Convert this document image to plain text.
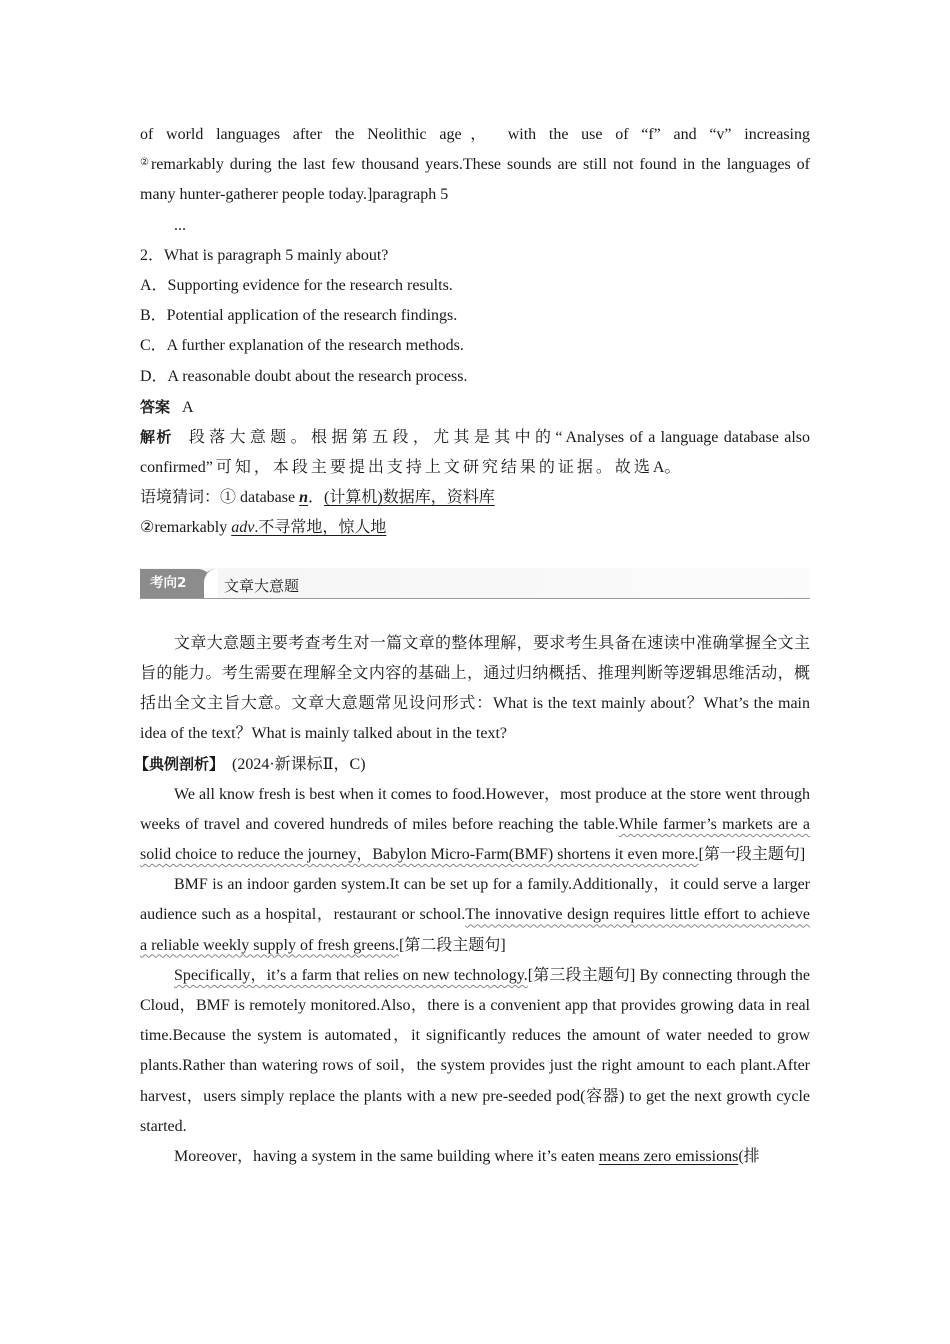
of world languages after the Neolithic age， with the use of “f” and “v” increasing

②remarkably during the last few thousand years.These sounds are still not found in the languages of

many hunter-gatherer people today.]paragraph 5

...

2．What is paragraph 5 mainly about?

A．Supporting evidence for the research results.

B．Potential application of the research findings.

C．A further explanation of the research methods.

D．A reasonable doubt about the research process.

答案 A

解析 段落大意题。根据第五段，尤其是其中的“Analyses of a language database also confirmed”可知，本段主要提出支持上文研究结果的证据。故选A。

语境猜词：① database n．(计算机)数据库，资料库

②remarkably adv.不寻常地，惊人地

考向2	文章大意题

文章大意题主要考查考生对一篇文章的整体理解，要求考生具备在速读中准确掌握全文主旨的能力。考生需要在理解全文内容的基础上，通过归纳概括、推理判断等逻辑思维活动，概括出全文主旨大意。文章大意题常见设问形式：What is the text mainly about？What’s the main idea of the text？What is mainly talked about in the text?

【典例剖析】 (2024·新课标Ⅱ，C)

We all know fresh is best when it comes to food.However，most produce at the store went through weeks of travel and covered hundreds of miles before reaching the table.While farmer’s markets are a solid choice to reduce the journey，Babylon Micro-Farm(BMF) shortens it even more.[第一段主题句]

BMF is an indoor garden system.It can be set up for a family.Additionally，it could serve a larger audience such as a hospital，restaurant or school.The innovative design requires little effort to achieve a reliable weekly supply of fresh greens.[第二段主题句]

Specifically，it’s a farm that relies on new technology.[第三段主题句] By connecting through the Cloud，BMF is remotely monitored.Also，there is a convenient app that provides growing data in real time.Because the system is automated，it significantly reduces the amount of water needed to grow plants.Rather than watering rows of soil，the system provides just the right amount to each plant.After harvest，users simply replace the plants with a new pre-seeded pod(容器) to get the next growth cycle started.

Moreover，having a system in the same building where it’s eaten means zero emissions(排
